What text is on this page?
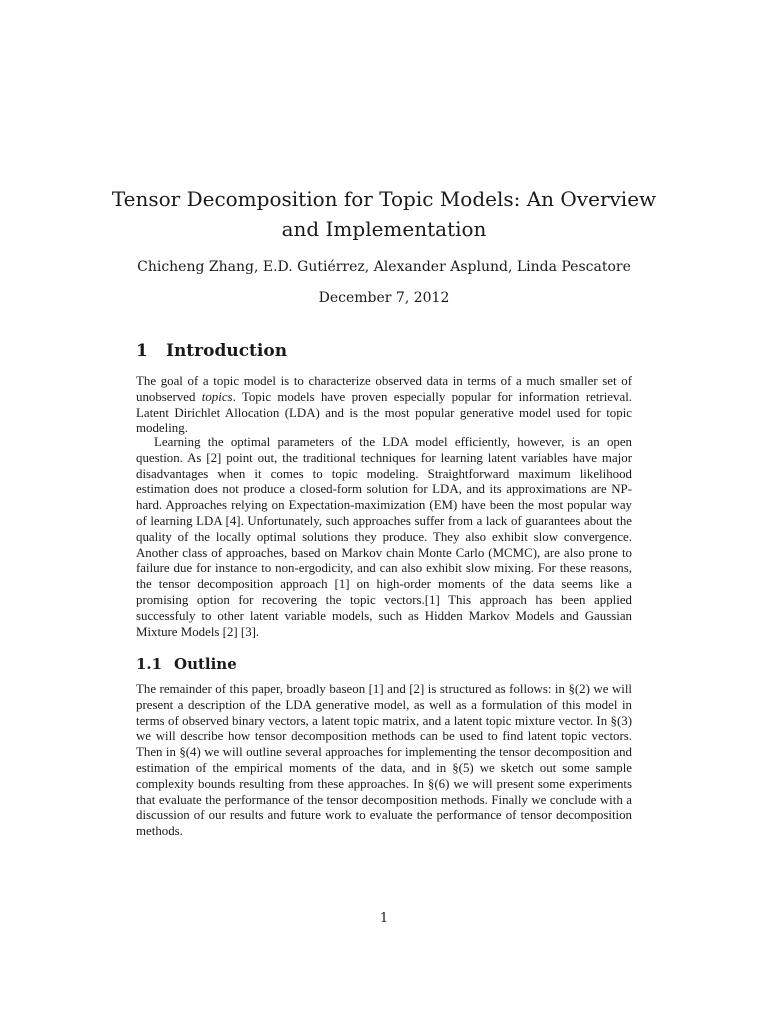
Tensor Decomposition for Topic Models: An Overview and Implementation
Chicheng Zhang, E.D. Gutiérrez, Alexander Asplund, Linda Pescatore
December 7, 2012
1 Introduction

The goal of a topic model is to characterize observed data in terms of a much smaller set of unobserved topics. Topic models have proven especially popular for information retrieval. Latent Dirichlet Allocation (LDA) and is the most popular generative model used for topic modeling.

Learning the optimal parameters of the LDA model efficiently, however, is an open question. As [2] point out, the traditional techniques for learning latent variables have major disadvantages when it comes to topic modeling. Straightforward maximum likelihood estimation does not produce a closed-form solution for LDA, and its approximations are NP-hard. Approaches relying on Expectation-maximization (EM) have been the most popular way of learning LDA [4]. Unfortunately, such approaches suffer from a lack of guarantees about the quality of the locally optimal solutions they produce. They also exhibit slow convergence. Another class of approaches, based on Markov chain Monte Carlo (MCMC), are also prone to failure due for instance to non-ergodicity, and can also exhibit slow mixing. For these reasons, the tensor decomposition approach [1] on high-order moments of the data seems like a promising option for recovering the topic vectors.[1] This approach has been applied successfuly to other latent variable models, such as Hidden Markov Models and Gaussian Mixture Models [2] [3].

1.1 Outline

The remainder of this paper, broadly baseon [1] and [2] is structured as follows: in §(2) we will present a description of the LDA generative model, as well as a formulation of this model in terms of observed binary vectors, a latent topic matrix, and a latent topic mixture vector. In §(3) we will describe how tensor decomposition methods can be used to find latent topic vectors. Then in §(4) we will outline several approaches for implementing the tensor decomposition and estimation of the empirical moments of the data, and in §(5) we sketch out some sample complexity bounds resulting from these approaches. In §(6) we will present some experiments that evaluate the performance of the tensor decomposition methods. Finally we conclude with a discussion of our results and future work to evaluate the performance of tensor decomposition methods.

1
